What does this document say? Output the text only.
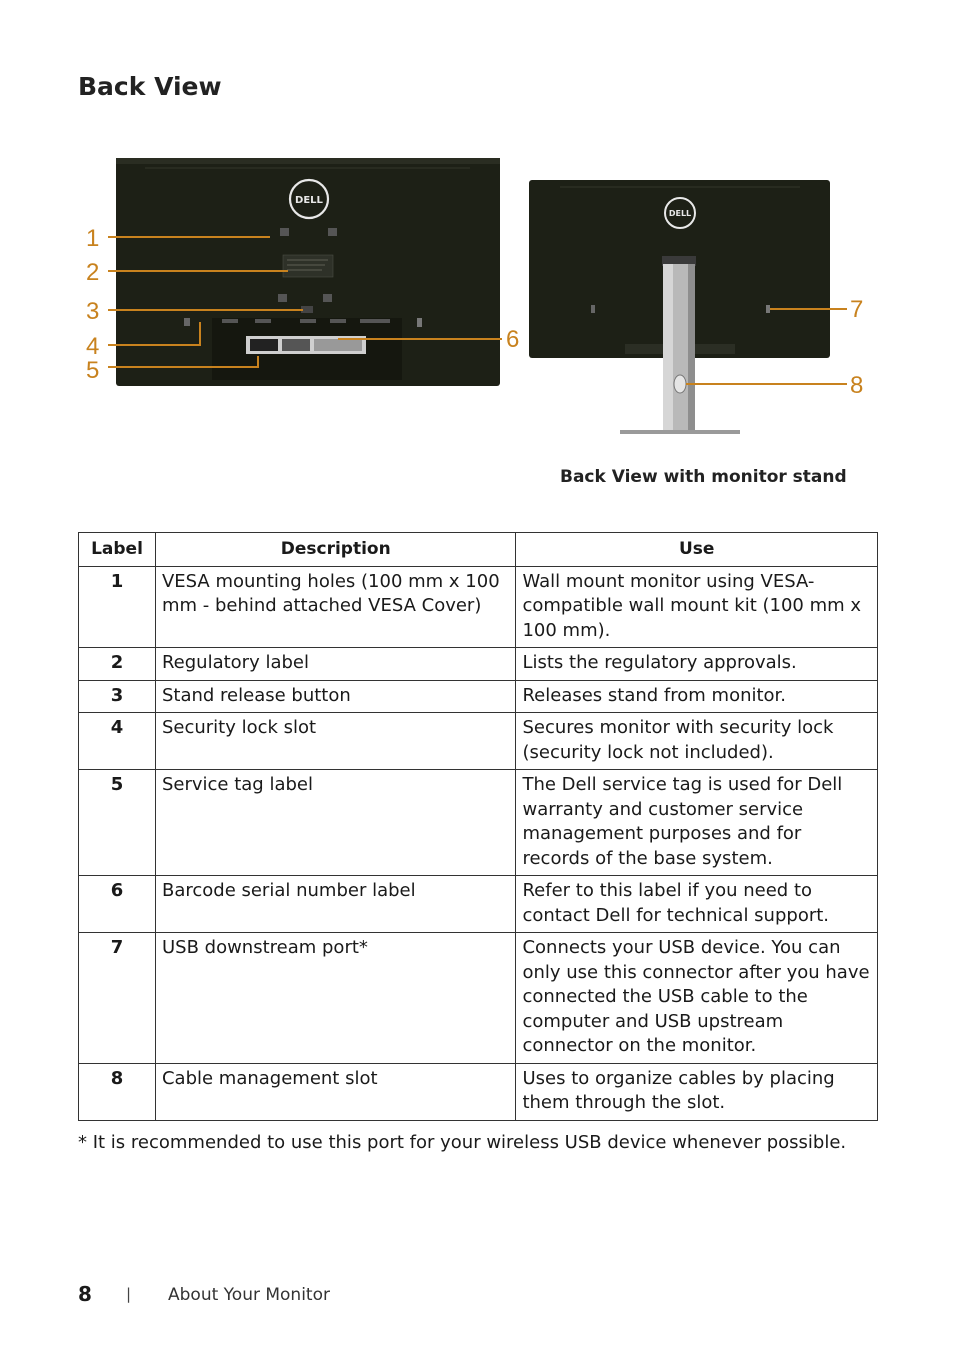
Back View
DELL
DELL
1
2
3
4
5
6
7
8
Back View with monitor stand
Label	Description	Use
1	VESA mounting holes (100 mm x 100 mm - behind attached VESA Cover)	Wall mount monitor using VESA-compatible wall mount kit (100 mm x 100 mm).
2	Regulatory label	Lists the regulatory approvals.
3	Stand release button	Releases stand from monitor.
4	Security lock slot	Secures monitor with security lock (security lock not included).
5	Service tag label	The Dell service tag is used for Dell warranty and customer service management purposes and for records of the base system.
6	Barcode serial number label	Refer to this label if you need to contact Dell for technical support.
7	USB downstream port*	Connects your USB device. You can only use this connector after you have connected the USB cable to the computer and USB upstream connector on the monitor.
8	Cable management slot	Uses to organize cables by placing them through the slot.
* It is recommended to use this port for your wireless USB device whenever possible.
8 | About Your Monitor
